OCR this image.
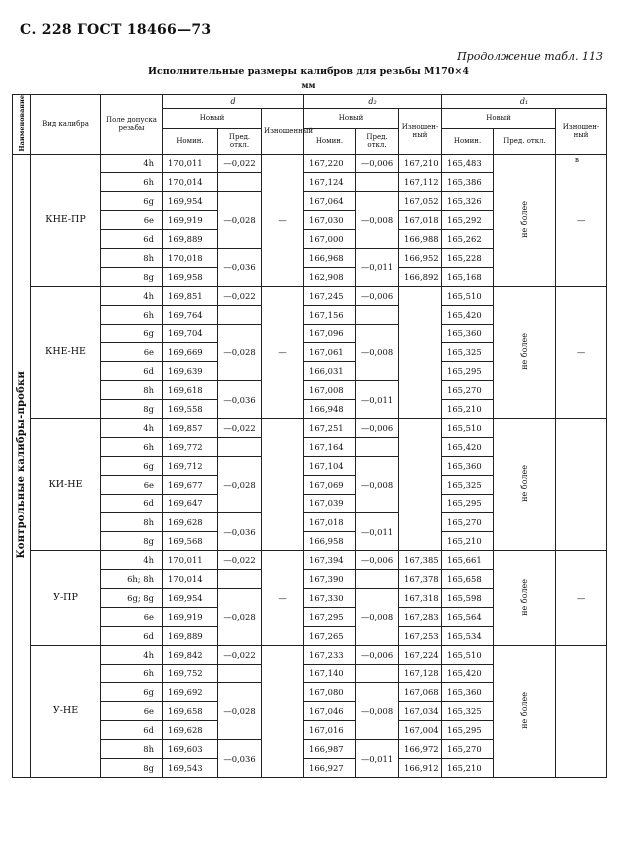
С. 228 ГОСТ 18466—73
Продолжение табл. 113
Исполнительные размеры калибров для резьбы М170×4
мм
в
Наименование	Вид калибра	Поле допуска резьбы	d			d₂			d₁		
			Новый		Изношенный	Новый		Изношен-ный	Новый		Изношен-ный
			Номин.	Пред. откл.		Номин.	Пред. откл.		Номин.	Пред. откл.	
Контрольные калибры-пробки	КНЕ-ПР	4h	170,011	—0,022	—	167,220	—0,006	167,210	165,483	не более	—
		6h	170,014			167,124		167,112	165,386		
		6g	169,954	—0,028		167,064	—0,008	167,052	165,326		
		6e	169,919			167,030		167,018	165,292		
		6d	169,889			167,000		166,988	165,262		
		8h	170,018	—0,036		166,968	—0,011	166,952	165,228		
		8g	169,958			162,908		166,892	165,168		
	КНЕ-НЕ	4h	169,851	—0,022	—	167,245	—0,006		165,510	не более	—
		6h	169,764			167,156			165,420		
		6g	169,704	—0,028		167,096	—0,008		165,360		
		6e	169,669			167,061			165,325		
		6d	169,639			166,031			165,295		
		8h	169,618	—0,036		167,008	—0,011		165,270		
		8g	169,558			166,948			165,210		
	КИ-НЕ	4h	169,857	—0,022		167,251	—0,006		165,510	не более	
		6h	169,772			167,164			165,420		
		6g	169,712	—0,028		167,104	—0,008		165,360		
		6e	169,677			167,069			165,325		
		6d	169,647			167,039			165,295		
		8h	169,628	—0,036		167,018	—0,011		165,270		
		8g	169,568			166,958			165,210		
	У-ПР	4h	170,011	—0,022	—	167,394	—0,006	167,385	165,661	не более	—
		6h; 8h	170,014			167,390		167,378	165,658		
		6g; 8g	169,954	—0,028		167,330	—0,008	167,318	165,598		
		6e	169,919			167,295		167,283	165,564		
		6d	169,889			167,265		167,253	165,534		
	У-НЕ	4h	169,842	—0,022		167,233	—0,006	167,224	165,510	не более	
		6h	169,752			167,140		167,128	165,420		
		6g	169,692	—0,028		167,080	—0,008	167,068	165,360		
		6e	169,658			167,046		167,034	165,325		
		6d	169,628			167,016		167,004	165,295		
		8h	169,603	—0,036		166,987	—0,011	166,972	165,270		
		8g	169,543			166,927		166,912	165,210		
